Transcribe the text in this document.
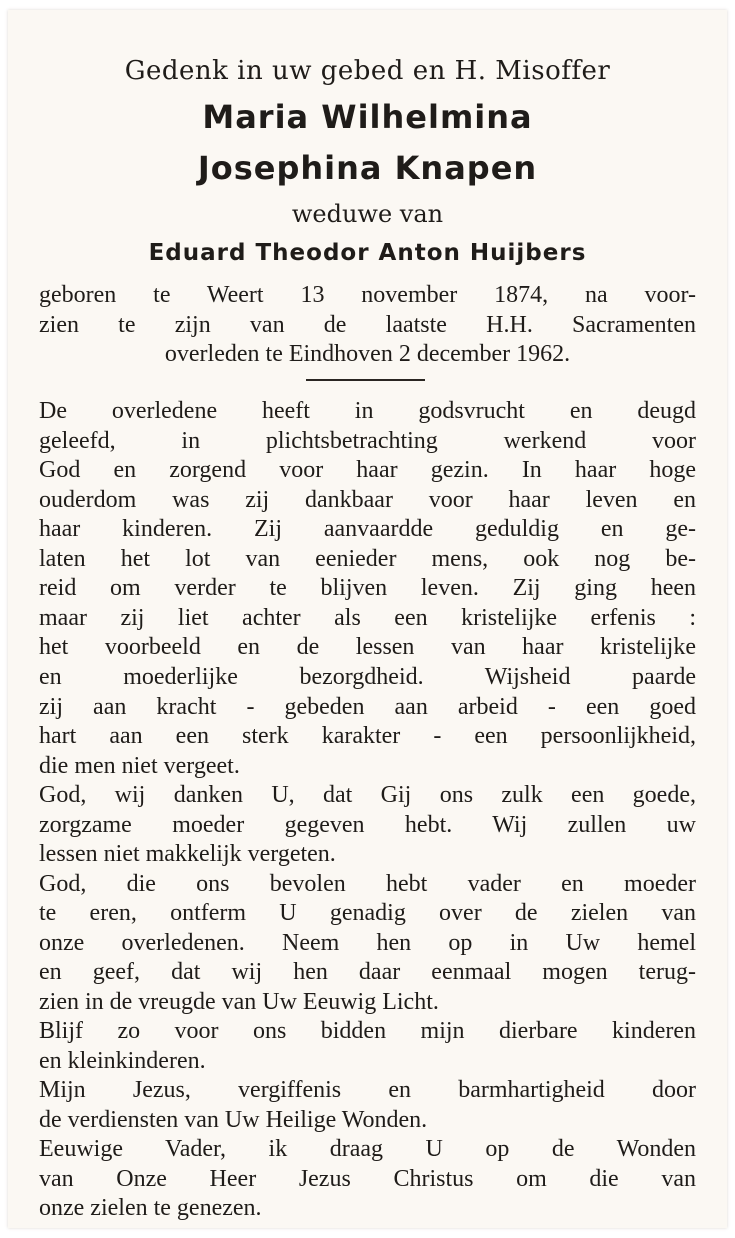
Gedenk in uw gebed en H. Misoffer
Maria Wilhelmina
Josephina Knapen
weduwe van
Eduard Theodor Anton Huijbers
geboren te Weert 13 november 1874, na voor-
zien te zijn van de laatste H.H. Sacramenten
overleden te Eindhoven 2 december 1962.
De overledene heeft in godsvrucht en deugd
geleefd, in plichtsbetrachting werkend voor
God en zorgend voor haar gezin. In haar hoge
ouderdom was zij dankbaar voor haar leven en
haar kinderen. Zij aanvaardde geduldig en ge-
laten het lot van eenieder mens, ook nog be-
reid om verder te blijven leven. Zij ging heen
maar zij liet achter als een kristelijke erfenis :
het voorbeeld en de lessen van haar kristelijke
en moederlijke bezorgdheid. Wijsheid paarde
zij aan kracht - gebeden aan arbeid - een goed
hart aan een sterk karakter - een persoonlijkheid,
die men niet vergeet.
God, wij danken U, dat Gij ons zulk een goede,
zorgzame moeder gegeven hebt. Wij zullen uw
lessen niet makkelijk vergeten.
God, die ons bevolen hebt vader en moeder
te eren, ontferm U genadig over de zielen van
onze overledenen. Neem hen op in Uw hemel
en geef, dat wij hen daar eenmaal mogen terug-
zien in de vreugde van Uw Eeuwig Licht.
Blijf zo voor ons bidden mijn dierbare kinderen
en kleinkinderen.
Mijn Jezus, vergiffenis en barmhartigheid door
de verdiensten van Uw Heilige Wonden.
Eeuwige Vader, ik draag U op de Wonden
van Onze Heer Jezus Christus om die van
onze zielen te genezen.
